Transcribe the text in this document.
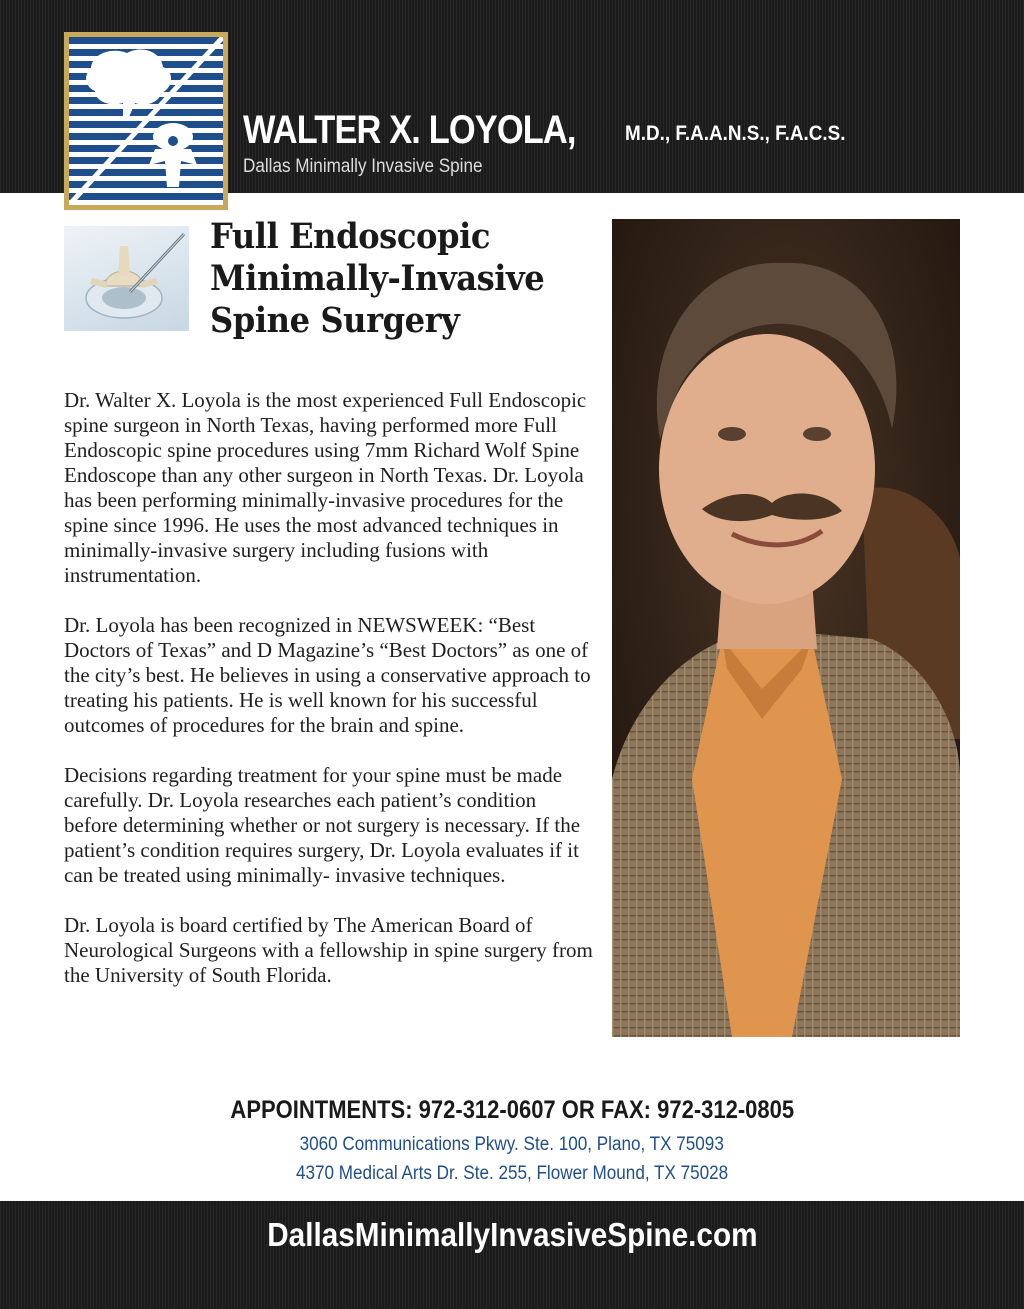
WALTER X. LOYOLA, M.D., F.A.A.N.S., F.A.C.S.
Dallas Minimally Invasive Spine
Full Endoscopic
Minimally-Invasive
Spine Surgery

Dr. Walter X. Loyola is the most experienced Full Endoscopic spine surgeon in North Texas, having performed more Full Endoscopic spine procedures using 7mm Richard Wolf Spine Endoscope than any other surgeon in North Texas. Dr. Loyola has been performing minimally-invasive procedures for the spine since 1996. He uses the most advanced techniques in minimally-invasive surgery including fusions with instrumentation.

Dr. Loyola has been recognized in NEWSWEEK: “Best Doctors of Texas” and D Magazine’s “Best Doctors” as one of the city’s best. He believes in using a conservative approach to treating his patients. He is well known for his successful outcomes of procedures for the brain and spine.

Decisions regarding treatment for your spine must be made carefully. Dr. Loyola researches each patient’s condition before determining whether or not surgery is necessary. If the patient’s condition requires surgery, Dr. Loyola evaluates if it can be treated using minimally- invasive techniques.

Dr. Loyola is board certified by The American Board of Neurological Surgeons with a fellowship in spine surgery from the University of South Florida.

APPOINTMENTS: 972-312-0607 OR FAX: 972-312-0805
3060 Communications Pkwy. Ste. 100, Plano, TX 75093
4370 Medical Arts Dr. Ste. 255, Flower Mound, TX 75028
DallasMinimallyInvasiveSpine.com
